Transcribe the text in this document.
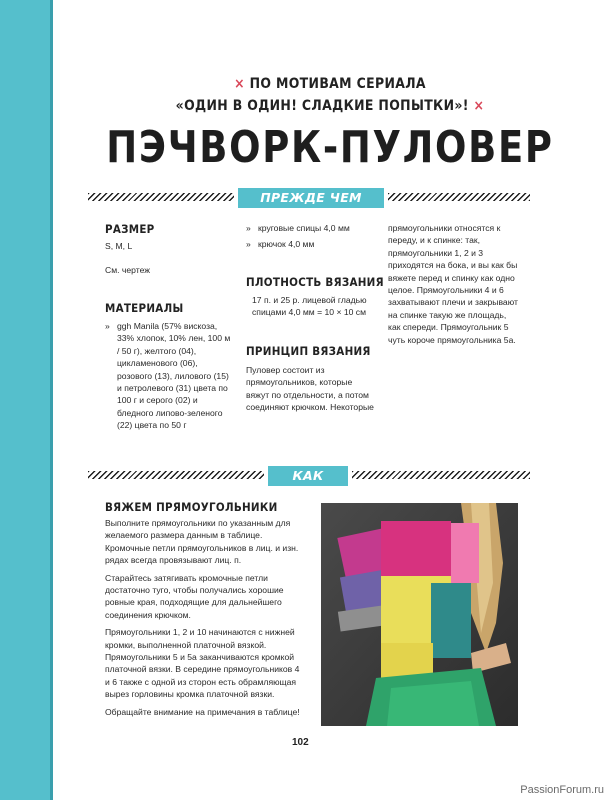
× ПО МОТИВАМ СЕРИАЛА
«ОДИН В ОДИН! СЛАДКИЕ ПОПЫТКИ»! ×
ПЭЧВОРК-ПУЛОВЕР
ПРЕЖДЕ ЧЕМ НАЧАТЬ
РАЗМЕР

S, M, L

См. чертеж

МАТЕРИАЛЫ
» ggh Manila (57% вискоза, 33% хлопок, 10% лен, 100 м / 50 г), желтого (04), цикламенового (06), розового (13), лилового (15) и петролевого (31) цвета по 100 г и серого (02) и бледного липово-зеленого (22) цвета по 50 г
» круговые спицы 4,0 мм
» крючок 4,0 мм
ПЛОТНОСТЬ ВЯЗАНИЯ

17 п. и 25 р. лицевой гладью спицами 4,0 мм = 10 × 10 см

ПРИНЦИП ВЯЗАНИЯ

Пуловер состоит из прямоугольников, которые вяжут по отдельности, а потом соединяют крючком. Некоторые

прямоугольники относятся к переду, и к спинке: так, прямоугольники 1, 2 и 3 приходятся на бока, и вы как бы вяжете перед и спинку как одно целое. Прямоугольники 4 и 6 захватывают плечи и закрывают на спинке такую же площадь, как спереди. Прямоугольник 5 чуть короче прямоугольника 5а.

КАК ВЯЗАТЬ
ВЯЖЕМ ПРЯМОУГОЛЬНИКИ

Выполните прямоугольники по указанным для желаемого размера данным в таблице. Кромочные петли прямоугольников в лиц. и изн. рядах всегда провязывают лиц. п.

Старайтесь затягивать кромочные петли достаточно туго, чтобы получались хорошие ровные края, подходящие для дальнейшего соединения крючком.

Прямоугольники 1, 2 и 10 начинаются с нижней кромки, выполненной платочной вязкой. Прямоугольники 5 и 5а заканчиваются кромкой платочной вязки. В середине прямоугольников 4 и 6 также с одной из сторон есть обрамляющая вырез горловины кромка платочной вязки.

Обращайте внимание на примечания в таблице!

102
PassionForum.ru
